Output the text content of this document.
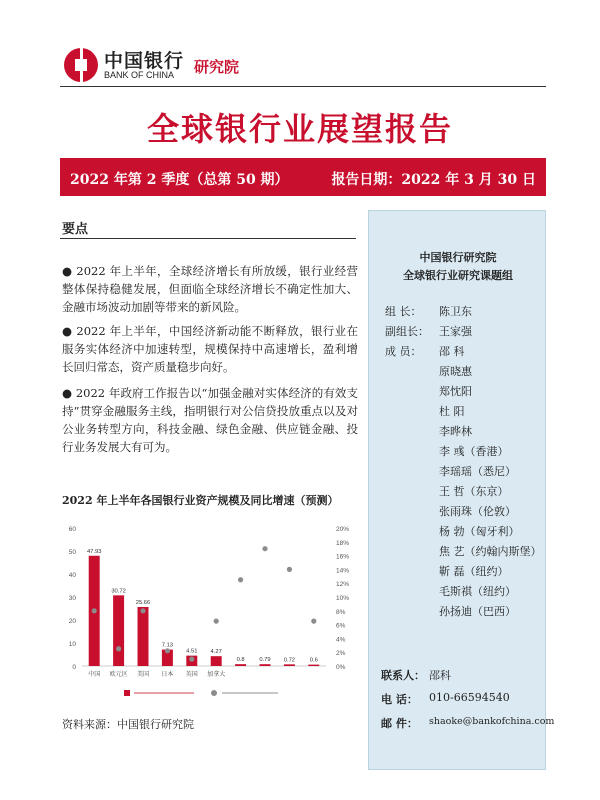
中国银行
BANK OF CHINA 研究院
全球银行业展望报告
2022 年第 2 季度（总第 50 期）	报告日期：2022 年 3 月 30 日
要点
● 2022 年上半年，全球经济增长有所放缓，银行业经营整体保持稳健发展，但面临全球经济增长不确定性加大、金融市场波动加剧等带来的新风险。
● 2022 年上半年，中国经济新动能不断释放，银行业在服务实体经济中加速转型，规模保持中高速增长，盈利增长回归常态，资产质量稳步向好。
● 2022 年政府工作报告以“加强金融对实体经济的有效支持”贯穿金融服务主线，指明银行对公信贷投放重点以及对公业务转型方向，科技金融、绿色金融、供应链金融、投行业务发展大有可为。
2022 年上半年各国银行业资产规模及同比增速（预测）
0
10
20
30
40
50
60
0%
2%
4%
6%
8%
10%
12%
14%
16%
18%
20%
47.93
30.72
25.66
7.13
4.51 4.27
0.8	0.79 0.72	0.6
中国 欧元区 美国 日本 英国 加拿大
资料来源：中国银行研究院
中国银行研究院
全球银行业研究课题组
组 长： 陈卫东
副组长： 王家强
成 员： 邵 科
原晓惠
郑忱阳
杜 阳
李晔林
李 彧（香港）
李瑶瑶（悉尼）
王 哲（东京）
张雨珠（伦敦）
杨 勃（匈牙利）
焦 艺（约翰内斯堡）
靳 磊（纽约）
毛斯祺（纽约）
孙扬迪（巴西）
联系人： 邵科
电 话： 010-66594540
邮 件： shaoke@bankofchina.com
